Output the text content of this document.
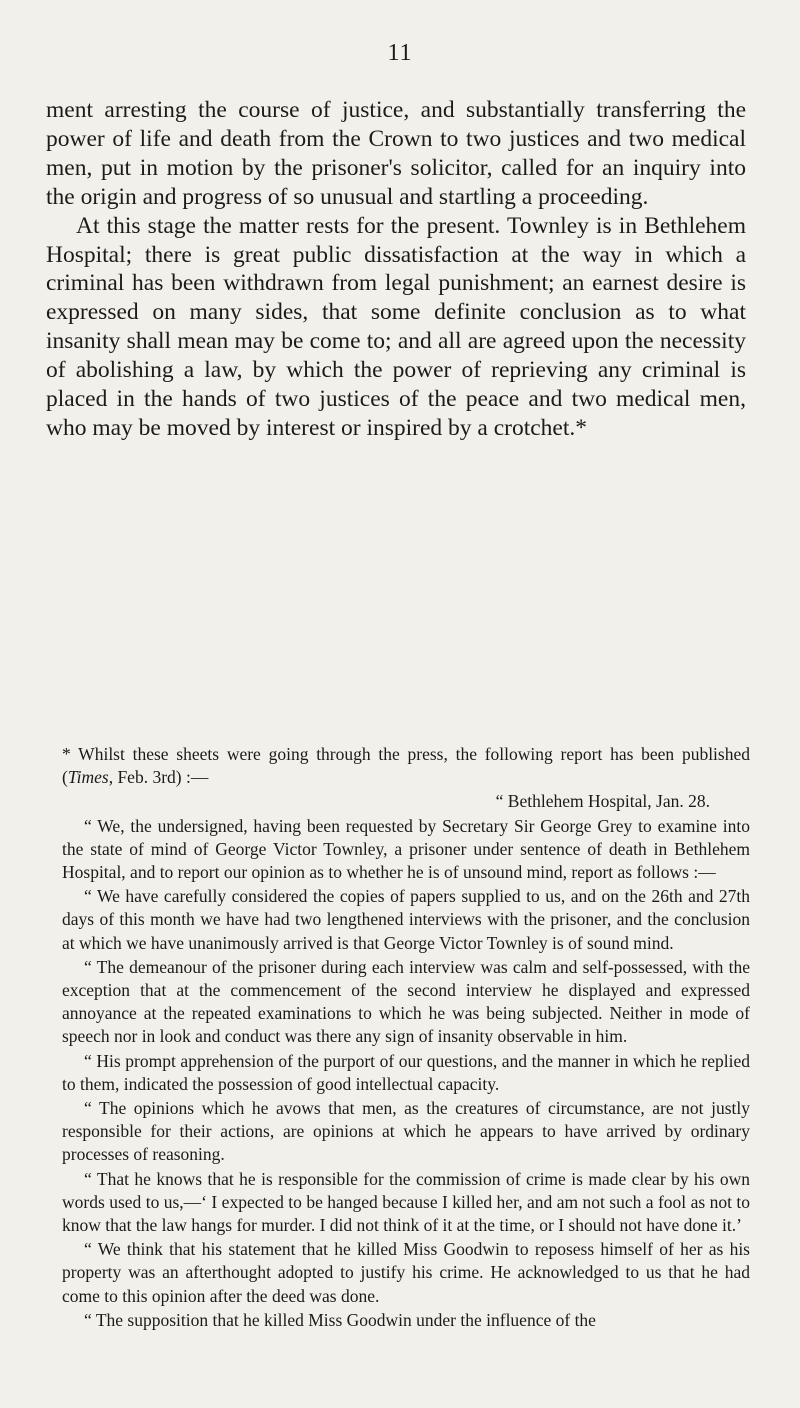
11

ment arresting the course of justice, and substantially transferring the power of life and death from the Crown to two justices and two medical men, put in motion by the prisoner's solicitor, called for an inquiry into the origin and progress of so unusual and startling a proceeding.

At this stage the matter rests for the present. Townley is in Bethlehem Hospital; there is great public dissatisfaction at the way in which a criminal has been withdrawn from legal punishment; an earnest desire is expressed on many sides, that some definite conclusion as to what insanity shall mean may be come to; and all are agreed upon the necessity of abolishing a law, by which the power of reprieving any criminal is placed in the hands of two justices of the peace and two medical men, who may be moved by interest or inspired by a crotchet.*

* Whilst these sheets were going through the press, the following report has been published (Times, Feb. 3rd) :—

“ Bethlehem Hospital, Jan. 28.

“ We, the undersigned, having been requested by Secretary Sir George Grey to examine into the state of mind of George Victor Townley, a prisoner under sentence of death in Bethlehem Hospital, and to report our opinion as to whether he is of unsound mind, report as follows :—

“ We have carefully considered the copies of papers supplied to us, and on the 26th and 27th days of this month we have had two lengthened interviews with the prisoner, and the conclusion at which we have unanimously arrived is that George Victor Townley is of sound mind.

“ The demeanour of the prisoner during each interview was calm and self-possessed, with the exception that at the commencement of the second interview he displayed and expressed annoyance at the repeated examinations to which he was being subjected. Neither in mode of speech nor in look and conduct was there any sign of insanity observable in him.

“ His prompt apprehension of the purport of our questions, and the manner in which he replied to them, indicated the possession of good intellectual capacity.

“ The opinions which he avows that men, as the creatures of circumstance, are not justly responsible for their actions, are opinions at which he appears to have arrived by ordinary processes of reasoning.

“ That he knows that he is responsible for the commission of crime is made clear by his own words used to us,—‘ I expected to be hanged because I killed her, and am not such a fool as not to know that the law hangs for murder. I did not think of it at the time, or I should not have done it.’

“ We think that his statement that he killed Miss Goodwin to reposess himself of her as his property was an afterthought adopted to justify his crime. He acknowledged to us that he had come to this opinion after the deed was done.

“ The supposition that he killed Miss Goodwin under the influence of the
